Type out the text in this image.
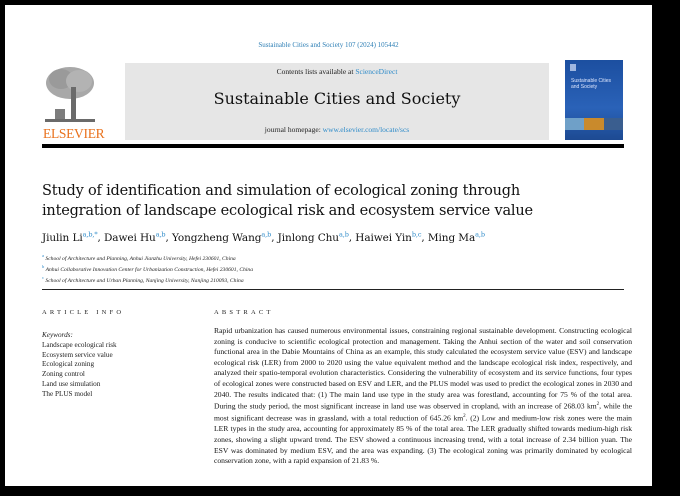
Sustainable Cities and Society 107 (2024) 105442
ELSEVIER
Contents lists available at ScienceDirect
Sustainable Cities and Society
journal homepage: www.elsevier.com/locate/scs
Sustainable Cities
and Society
Study of identification and simulation of ecological zoning through integration of landscape ecological risk and ecosystem service value
Jiulin $Li^{a,b,*}$, Dawei Hu$^{a,b}$, Yongzheng Wang$^{a,b}$, Jinlong Chu$^{a,b}$, Haiwei Yin$^{b,c}$, Ming Ma$^{a,b}$
$^a$ School of Architecture and Planning, Anhui Jianzhu University, Hefei 230601, China
$^b$ Anhui Collaborative Innovation Center for Urbanization Construction, Hefei 230601, China
$^c$ School of Architecture and Urban Planning, Nanjing University, Nanjing 210093, China
ARTICLE INFO	ABSTRACT
Keywords:
Landscape ecological risk
Ecosystem service value
Ecological zoning
Zoning control
Land use simulation
The PLUS model
Rapid urbanization has caused numerous environmental issues, constraining regional sustainable development. Constructing ecological zoning is conducive to scientific ecological protection and management. Taking the Anhui section of the water and soil conservation functional area in the Dabie Mountains of China as an example, this study calculated the ecosystem service value (ESV) and landscape ecological risk (LER) from 2000 to 2020 using the value equivalent method and the landscape ecological risk index, respectively, and analyzed their spatio-temporal evolution characteristics. Considering the vulnerability of ecosystem and its service functions, four types of ecological zones were constructed based on ESV and LER, and the PLUS model was used to predict the ecological zones in 2030 and 2040. The results indicated that: (1) The main land use type in the study area was forestland, accounting for 75 % of the total area. During the study period, the most significant increase in land use was observed in cropland, with an increase of 268.03 $km^2$, while the most significant decrease was in grassland, with a total reduction of 645.26 $km^2$. (2) Low and medium-low risk zones were the main LER types in the study area, accounting for approximately 85 % of the total area. The LER gradually shifted towards medium-high risk zones, showing a slight upward trend. The ESV showed a continuous increasing trend, with a total increase of 2.34 billion yuan. The ESV was dominated by medium ESV, and the area was expanding. (3) The ecological zoning was primarily dominated by ecological conservation zone, with a rapid expansion of 21.83 %.
